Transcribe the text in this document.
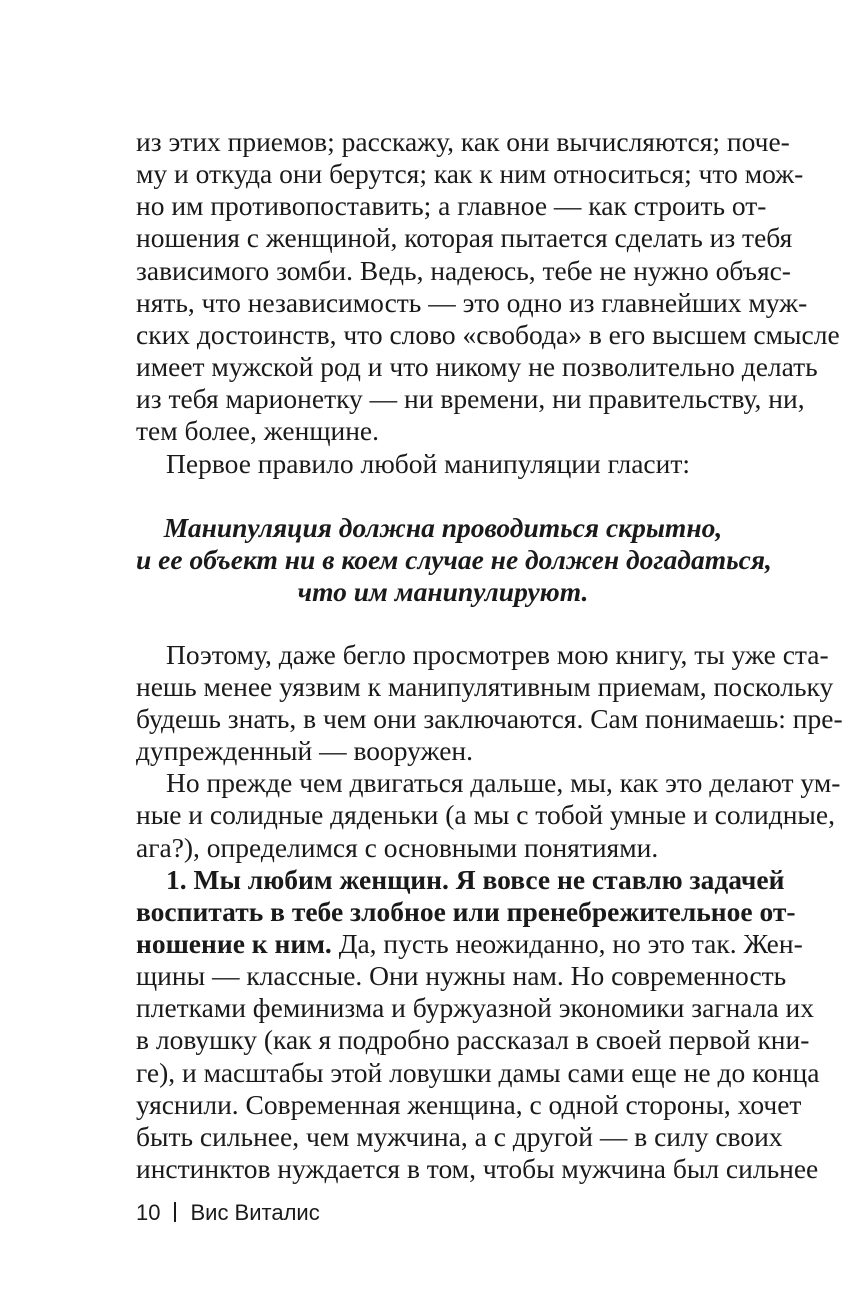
из этих приемов; расскажу, как они вычисляются; поче-
му и откуда они берутся; как к ним относиться; что мож-
но им противопоставить; а главное — как строить от-
ношения с женщиной, которая пытается сделать из тебя
зависимого зомби. Ведь, надеюсь, тебе не нужно объяс-
нять, что независимость — это одно из главнейших муж-
ских достоинств, что слово «свобода» в его высшем смысле
имеет мужской род и что никому не позволительно делать
из тебя марионетку — ни времени, ни правительству, ни,
тем более, женщине.
Первое правило любой манипуляции гласит:
Манипуляция должна проводиться скрытно,
и ее объект ни в коем случае не должен догадаться,
что им манипулируют.
Поэтому, даже бегло просмотрев мою книгу, ты уже ста-
нешь менее уязвим к манипулятивным приемам, поскольку
будешь знать, в чем они заключаются. Сам понимаешь: пре-
дупрежденный — вооружен.
Но прежде чем двигаться дальше, мы, как это делают ум-
ные и солидные дяденьки (а мы с тобой умные и солидные,
ага?), определимся с основными понятиями.
1. Мы любим женщин. Я вовсе не ставлю задачей
воспитать в тебе злобное или пренебрежительное от-
ношение к ним. Да, пусть неожиданно, но это так. Жен-
щины — классные. Они нужны нам. Но современность
плетками феминизма и буржуазной экономики загнала их
в ловушку (как я подробно рассказал в своей первой кни-
ге), и масштабы этой ловушки дамы сами еще не до конца
уяснили. Современная женщина, с одной стороны, хочет
быть сильнее, чем мужчина, а с другой — в силу своих
инстинктов нуждается в том, чтобы мужчина был сильнее
10 Вис Виталис
